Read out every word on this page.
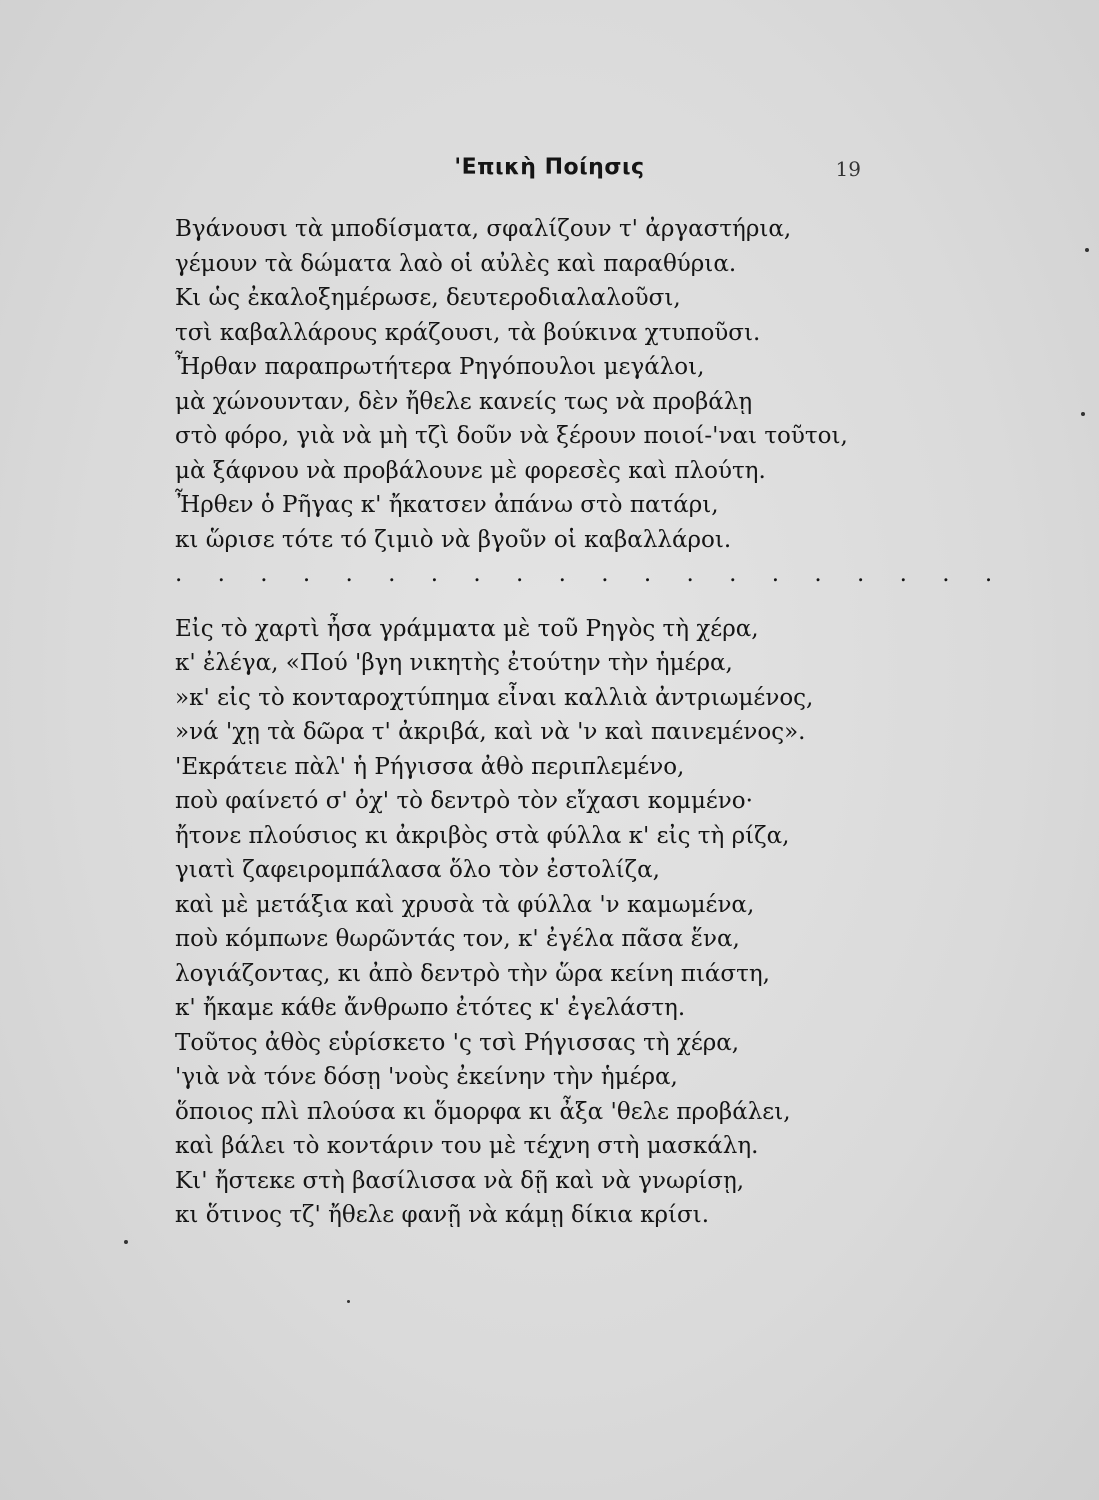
'Επικὴ Ποίησις	19
Βγάνουσι τὰ μποδίσματα, σφαλίζουν τ' ἀργαστήρια,
γέμουν τὰ δώματα λαὸ οἱ αὐλὲς καὶ παραθύρια.
Κι ὡς ἐκαλοξημέρωσε, δευτεροδιαλαλοῦσι,
τσὶ καβαλλάρους κράζουσι, τὰ βούκινα χτυποῦσι.
Ἦρθαν παραπρωτήτερα Ρηγόπουλοι μεγάλοι,
μὰ χώνουνταν, δὲν ἤθελε κανείς τως νὰ προβάλῃ
στὸ φόρο, γιὰ νὰ μὴ τζὶ δοῦν νὰ ξέρουν ποιοί-'ναι τοῦτοι,
μὰ ξάφνου νὰ προβάλουνε μὲ φορεσὲς καὶ πλούτη.
Ἦρθεν ὁ Ρῆγας κ' ἤκατσεν ἀπάνω στὸ πατάρι,
κι ὥρισε τότε τό ζιμιὸ νὰ βγοῦν οἱ καβαλλάροι.
. . . . . . . . . . . . . . . . . . . .
Εἰς τὸ χαρτὶ ἦσα γράμματα μὲ τοῦ Ρηγὸς τὴ χέρα,
κ' ἐλέγα, «Πού 'βγη νικητὴς ἐτούτην τὴν ἡμέρα,
»κ' εἰς τὸ κονταροχτύπημα εἶναι καλλιὰ ἀντριωμένος,
»νά 'χῃ τὰ δῶρα τ' ἀκριβά, καὶ νὰ 'ν καὶ παινεμένος».
'Εκράτειε πὰλ' ἡ Ρήγισσα ἀθὸ περιπλεμένο,
ποὺ φαίνετό σ' ὀχ' τὸ δεντρὸ τὸν εἴχασι κομμένο·
ἤτονε πλούσιος κι ἀκριβὸς στὰ φύλλα κ' εἰς τὴ ρίζα,
γιατὶ ζαφειρομπάλασα ὅλο τὸν ἐστολίζα,
καὶ μὲ μετάξια καὶ χρυσὰ τὰ φύλλα 'ν καμωμένα,
ποὺ κόμπωνε θωρῶντάς τον, κ' ἐγέλα πᾶσα ἕνα,
λογιάζοντας, κι ἀπὸ δεντρὸ τὴν ὥρα κείνη πιάστη,
κ' ἤκαμε κάθε ἄνθρωπο ἐτότες κ' ἐγελάστη.
Τοῦτος ἀθὸς εὑρίσκετο 'ς τσὶ Ρήγισσας τὴ χέρα,
'γιὰ νὰ τόνε δόσῃ 'νοὺς ἐκείνην τὴν ἡμέρα,
ὅποιος πλὶ πλούσα κι ὅμορφα κι ἆξα 'θελε προβάλει,
καὶ βάλει τὸ κοντάριν του μὲ τέχνη στὴ μασκάλη.
Κι' ἤστεκε στὴ βασίλισσα νὰ δῇ καὶ νὰ γνωρίσῃ,
κι ὅτινος τζ' ἤθελε φανῇ νὰ κάμῃ δίκια κρίσι.
